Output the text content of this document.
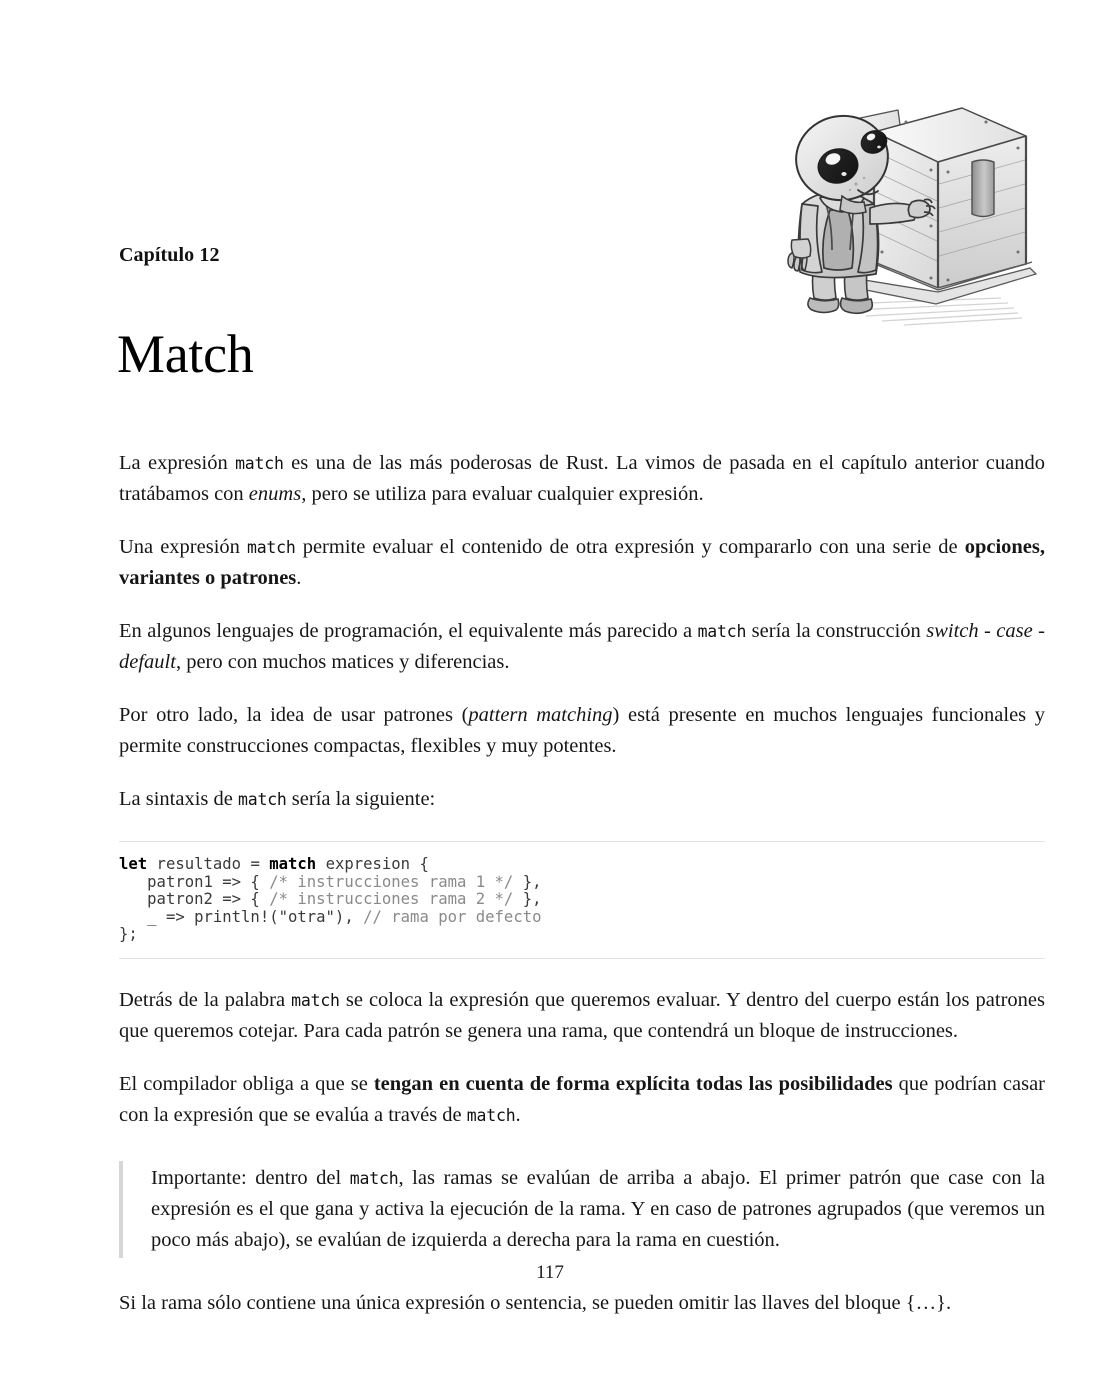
Capítulo 12
Match

La expresión match es una de las más poderosas de Rust. La vimos de pasada en el capítulo anterior cuando tratábamos con enums, pero se utiliza para evaluar cualquier expresión.

Una expresión match permite evaluar el contenido de otra expresión y compararlo con una serie de opciones, variantes o patrones.

En algunos lenguajes de programación, el equivalente más parecido a match sería la construcción switch - case - default, pero con muchos matices y diferencias.

Por otro lado, la idea de usar patrones (pattern matching) está presente en muchos lenguajes funcionales y permite construcciones compactas, flexibles y muy potentes.

La sintaxis de match sería la siguiente:

let resultado = match expresion {
patron1 => { /* instrucciones rama 1 */ },
patron2 => { /* instrucciones rama 2 */ },
_ => println!("otra"), // rama por defecto
};

Detrás de la palabra match se coloca la expresión que queremos evaluar. Y dentro del cuerpo están los patrones que queremos cotejar. Para cada patrón se genera una rama, que contendrá un bloque de instrucciones.

El compilador obliga a que se tengan en cuenta de forma explícita todas las posibilidades que podrían casar con la expresión que se evalúa a través de match.

Importante: dentro del match, las ramas se evalúan de arriba a abajo. El primer patrón que case con la expresión es el que gana y activa la ejecución de la rama. Y en caso de patrones agrupados (que veremos un poco más abajo), se evalúan de izquierda a derecha para la rama en cuestión.

Si la rama sólo contiene una única expresión o sentencia, se pueden omitir las llaves del bloque {…}.

117
